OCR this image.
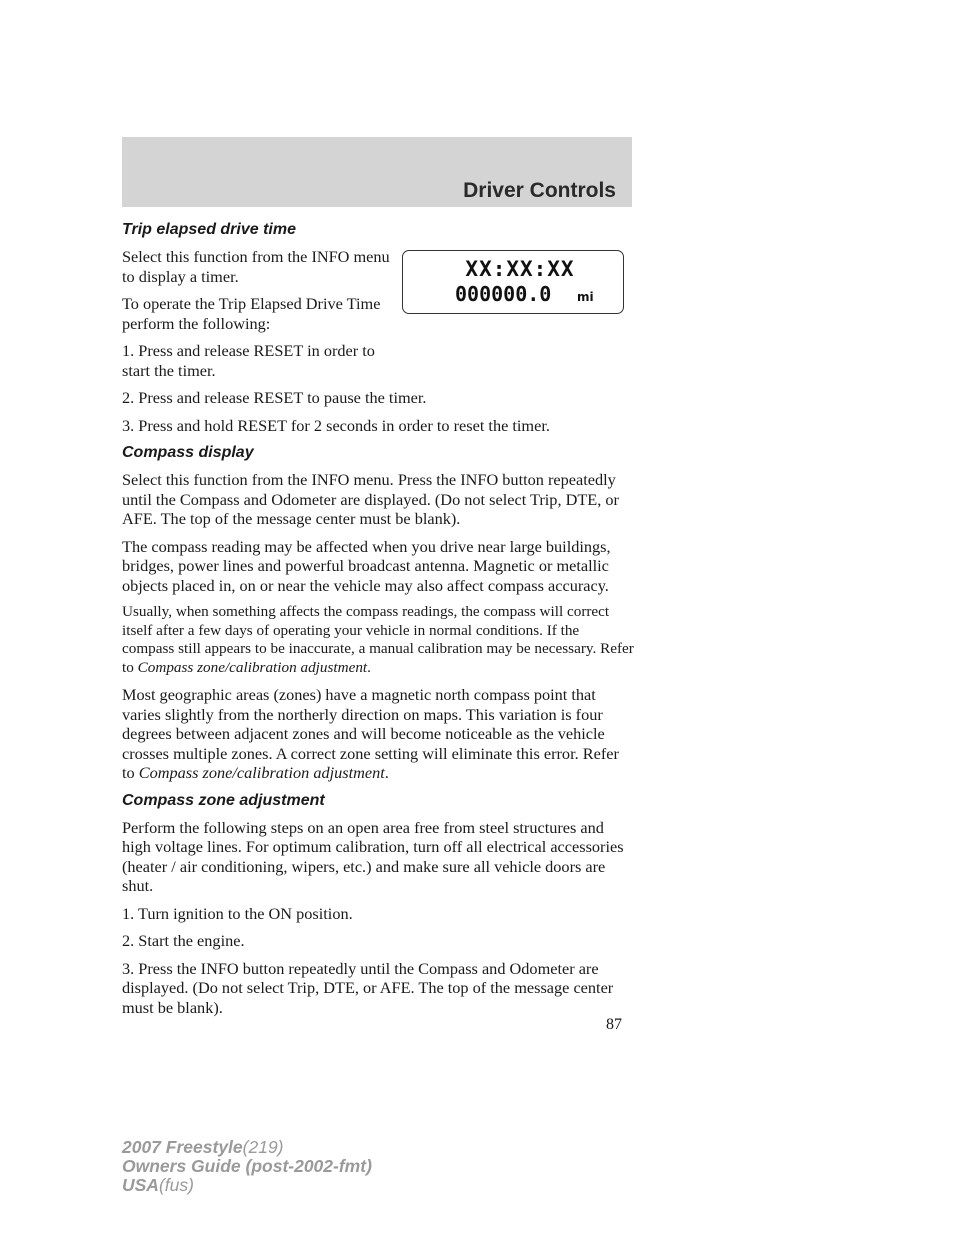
Driver Controls
XX:XX:XX
000000.0	mi
Trip elapsed drive time

Select this function from the INFO menu to display a timer.

To operate the Trip Elapsed Drive Time perform the following:

1. Press and release RESET in order to start the timer.

2. Press and release RESET to pause the timer.

3. Press and hold RESET for 2 seconds in order to reset the timer.

Compass display

Select this function from the INFO menu. Press the INFO button repeatedly until the Compass and Odometer are displayed. (Do not select Trip, DTE, or AFE. The top of the message center must be blank).

The compass reading may be affected when you drive near large buildings, bridges, power lines and powerful broadcast antenna. Magnetic or metallic objects placed in, on or near the vehicle may also affect compass accuracy.

Usually, when something affects the compass readings, the compass will correct itself after a few days of operating your vehicle in normal conditions. If the compass still appears to be inaccurate, a manual calibration may be necessary. Refer to Compass zone/calibration adjustment.

Most geographic areas (zones) have a magnetic north compass point that varies slightly from the northerly direction on maps. This variation is four degrees between adjacent zones and will become noticeable as the vehicle crosses multiple zones. A correct zone setting will eliminate this error. Refer to Compass zone/calibration adjustment.

Compass zone adjustment

Perform the following steps on an open area free from steel structures and high voltage lines. For optimum calibration, turn off all electrical accessories (heater / air conditioning, wipers, etc.) and make sure all vehicle doors are shut.

1. Turn ignition to the ON position.

2. Start the engine.

3. Press the INFO button repeatedly until the Compass and Odometer are displayed. (Do not select Trip, DTE, or AFE. The top of the message center must be blank).

87
2007 Freestyle(219)
Owners Guide (post-2002-fmt)
USA(fus)
